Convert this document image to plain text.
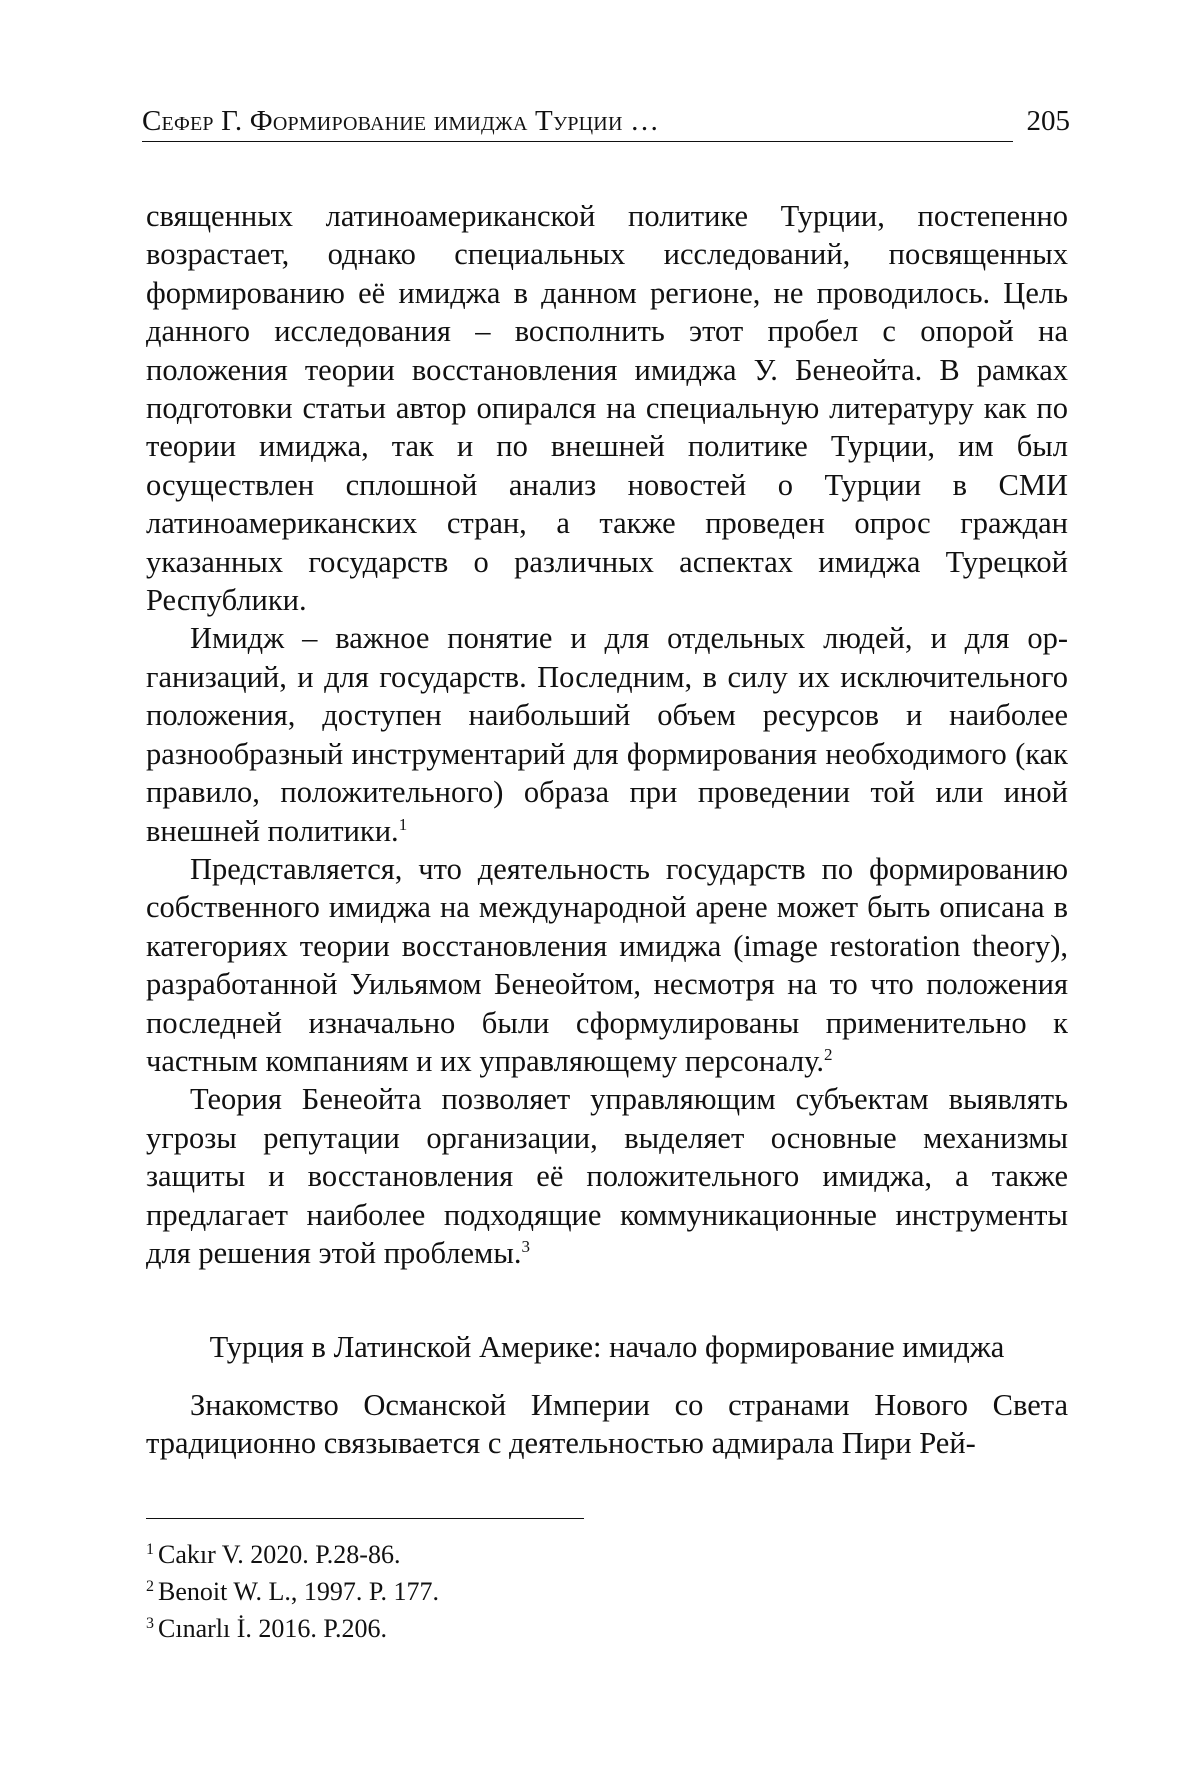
Сефер Г. Формирование имиджа Турции …	205

священных латиноамериканской политике Турции, постепенно возрастает, однако специальных исследований, посвященных формированию её имиджа в данном регионе, не проводилось. Цель данного исследования – восполнить этот пробел с опорой на положения теории восстановления имиджа У. Бенеойта. В рамках подготовки статьи автор опирался на специальную литературу как по теории имиджа, так и по внешней политике Турции, им был осуществлен сплошной анализ новостей о Турции в СМИ латиноамериканских стран, а также проведен опрос граждан указанных государств о различных аспектах имиджа Турецкой Республики.

Имидж – важное понятие и для отдельных людей, и для организаций, и для государств. Последним, в силу их исключительного положения, доступен наибольший объем ресурсов и наиболее разнообразный инструментарий для формирования необходимого (как правило, положительного) образа при проведении той или иной внешней политики.$^1$

Представляется, что деятельность государств по формированию собственного имиджа на международной арене может быть описана в категориях теории восстановления имиджа (image restoration theory), разработанной Уильямом Бенеойтом, несмотря на то что положения последней изначально были сформулированы применительно к частным компаниям и их управляющему персоналу.$^2$

Теория Бенеойта позволяет управляющим субъектам выявлять угрозы репутации организации, выделяет основные механизмы защиты и восстановления её положительного имиджа, а также предлагает наиболее подходящие коммуникационные инструменты для решения этой проблемы.$^3$

Турция в Латинской Америке: начало формирование имиджа

Знакомство Османской Империи со странами Нового Света традиционно связывается с деятельностью адмирала Пири Рей-

$^1$ Cakır V. 2020. P.28-86.
$^2$ Benoit W. L., 1997. P. 177.
$^3$ Cınarlı İ. 2016. P.206.
